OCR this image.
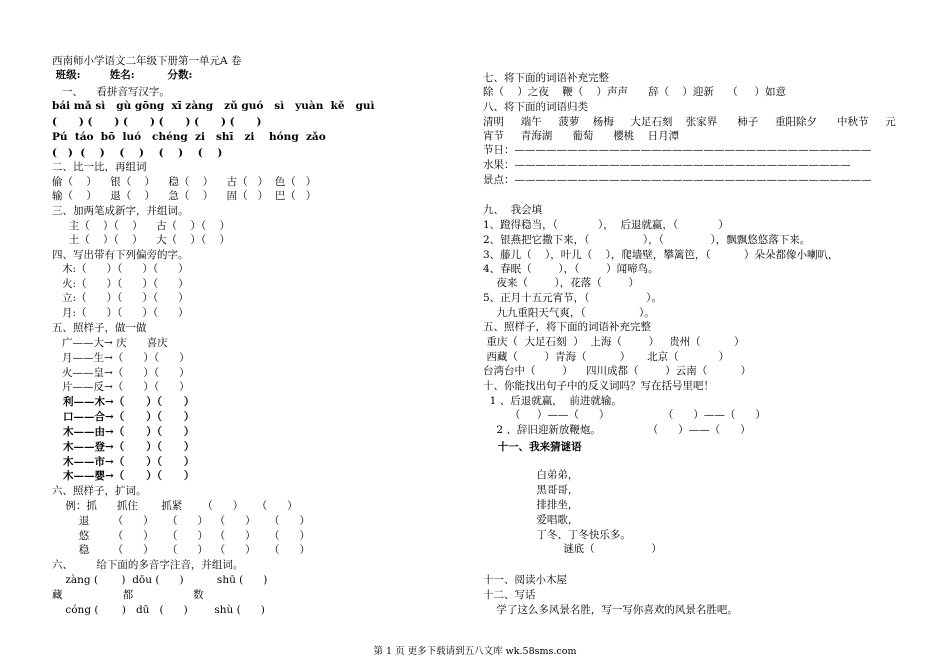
西南师小学语文二年级下册第一单元A 卷
班级:        姓名:         分数:
一、    看拼音写汉字。
bái mǎ sì   gù gōng  xī zàng   zǔ guó   sì   yuàn  kě   guì
(      ) (      ) (      ) (      ) (      ) (      )
Pú  táo  bō  luó   chéng  zi   shī   zi    hóng  zǎo
(   )  (    )    (    )    (    )    (    )
二、比一比，再组词
偷（    ）    银（    ）    稳（    ）    古（   ）  色（   ）
输（    ）    退（    ）    急（    ）    固（   ）  巴（   ）
三、加两笔成新字，并组词。
主（    ）（    ）    古（    ）（    ）
土（    ）（    ）    大（    ）（    ）
四、写出带有下列偏旁的字。
木:（      ）（      ）（      ）
火:（      ）（      ）（      ）
立:（      ）（      ）（      ）
月:（      ）（      ）（      ）
五、照样子，做一做
广——大→ 庆      喜庆
月——生→（      ）（      ）
火——皇→（      ）（      ）
片——反→（      ）（      ）
利——木→（      ）（      ）
口——合→（      ）（      ）
木——由→（      ）（      ）
木——登→（      ）（      ）
木——市→（      ）（      ）
木——婴→（      ）（      ）
六、照样子，扩词。
例：抓      抓住       抓紧      （      ）    （      ）
退       （      ）    （      ）  （      ）    （      ）
悠       （      ）    （      ）  （      ）    （      ）
稳       （      ）    （      ）  （      ）    （      ）
六、       给下面的多音字注音，并组词。
zàng (       )  dōu (      )          shū (      )
藏                  都                  数
cóng (       )   dū   (      )        shù (      )
七、将下面的词语补充完整
除（    ）之夜    鞭（    ）声声      辞（    ）迎新    （     ）如意
八、将下面的词语归类
清明     端午     菠萝    杨梅     大足石刻    张家界      柿子     重阳除夕      中秋节     元
宵节     青海湖      葡萄      樱桃    日月潭
节日：——————————————————————————————————
水果：————————————————————————————————
景点：——————————————————————————————————
九、  我会填
1、蹬得稳当，（            ），  后退就赢，（            ）
2、银燕把它撒下来，（                ），（              ），飘飘悠悠落下来。
3、藤儿（    ），叶儿（    ），爬墙壁，攀篱笆，（          ）朵朵都像小喇叭，
4、春眠（        ），（        ）闻啼鸟。
夜来（        ），花落（        ）
5、正月十五元宵节，（                 ）。
九九重阳天气爽，（                ）。
五、照样子，将下面的词语补充完整
重庆（  大足石刻  ）  上海（        ）   贵州（          ）
西藏（        ）青海（          ）     北京（            ）
台湾台中（        ）    四川成都（        ）云南（          ）
十、你能找出句子中的反义词吗？写在括号里吧！
1 、后退就赢，  前进就输。
（     ）——（      ）                （      ）——（      ）
2 、辞旧迎新放鞭炮。              （      ）——（      ）
十一、我来猜谜语
白弟弟，
黑哥哥，
排排坐，
爱唱歌，
丁冬、丁冬快乐多。
谜底（                 ）
十一、阅读小木屋
十二、写话
学了这么多风景名胜，写一写你喜欢的风景名胜吧。
第 1 页 更多下载请到五八文库 wk.58sms.com
